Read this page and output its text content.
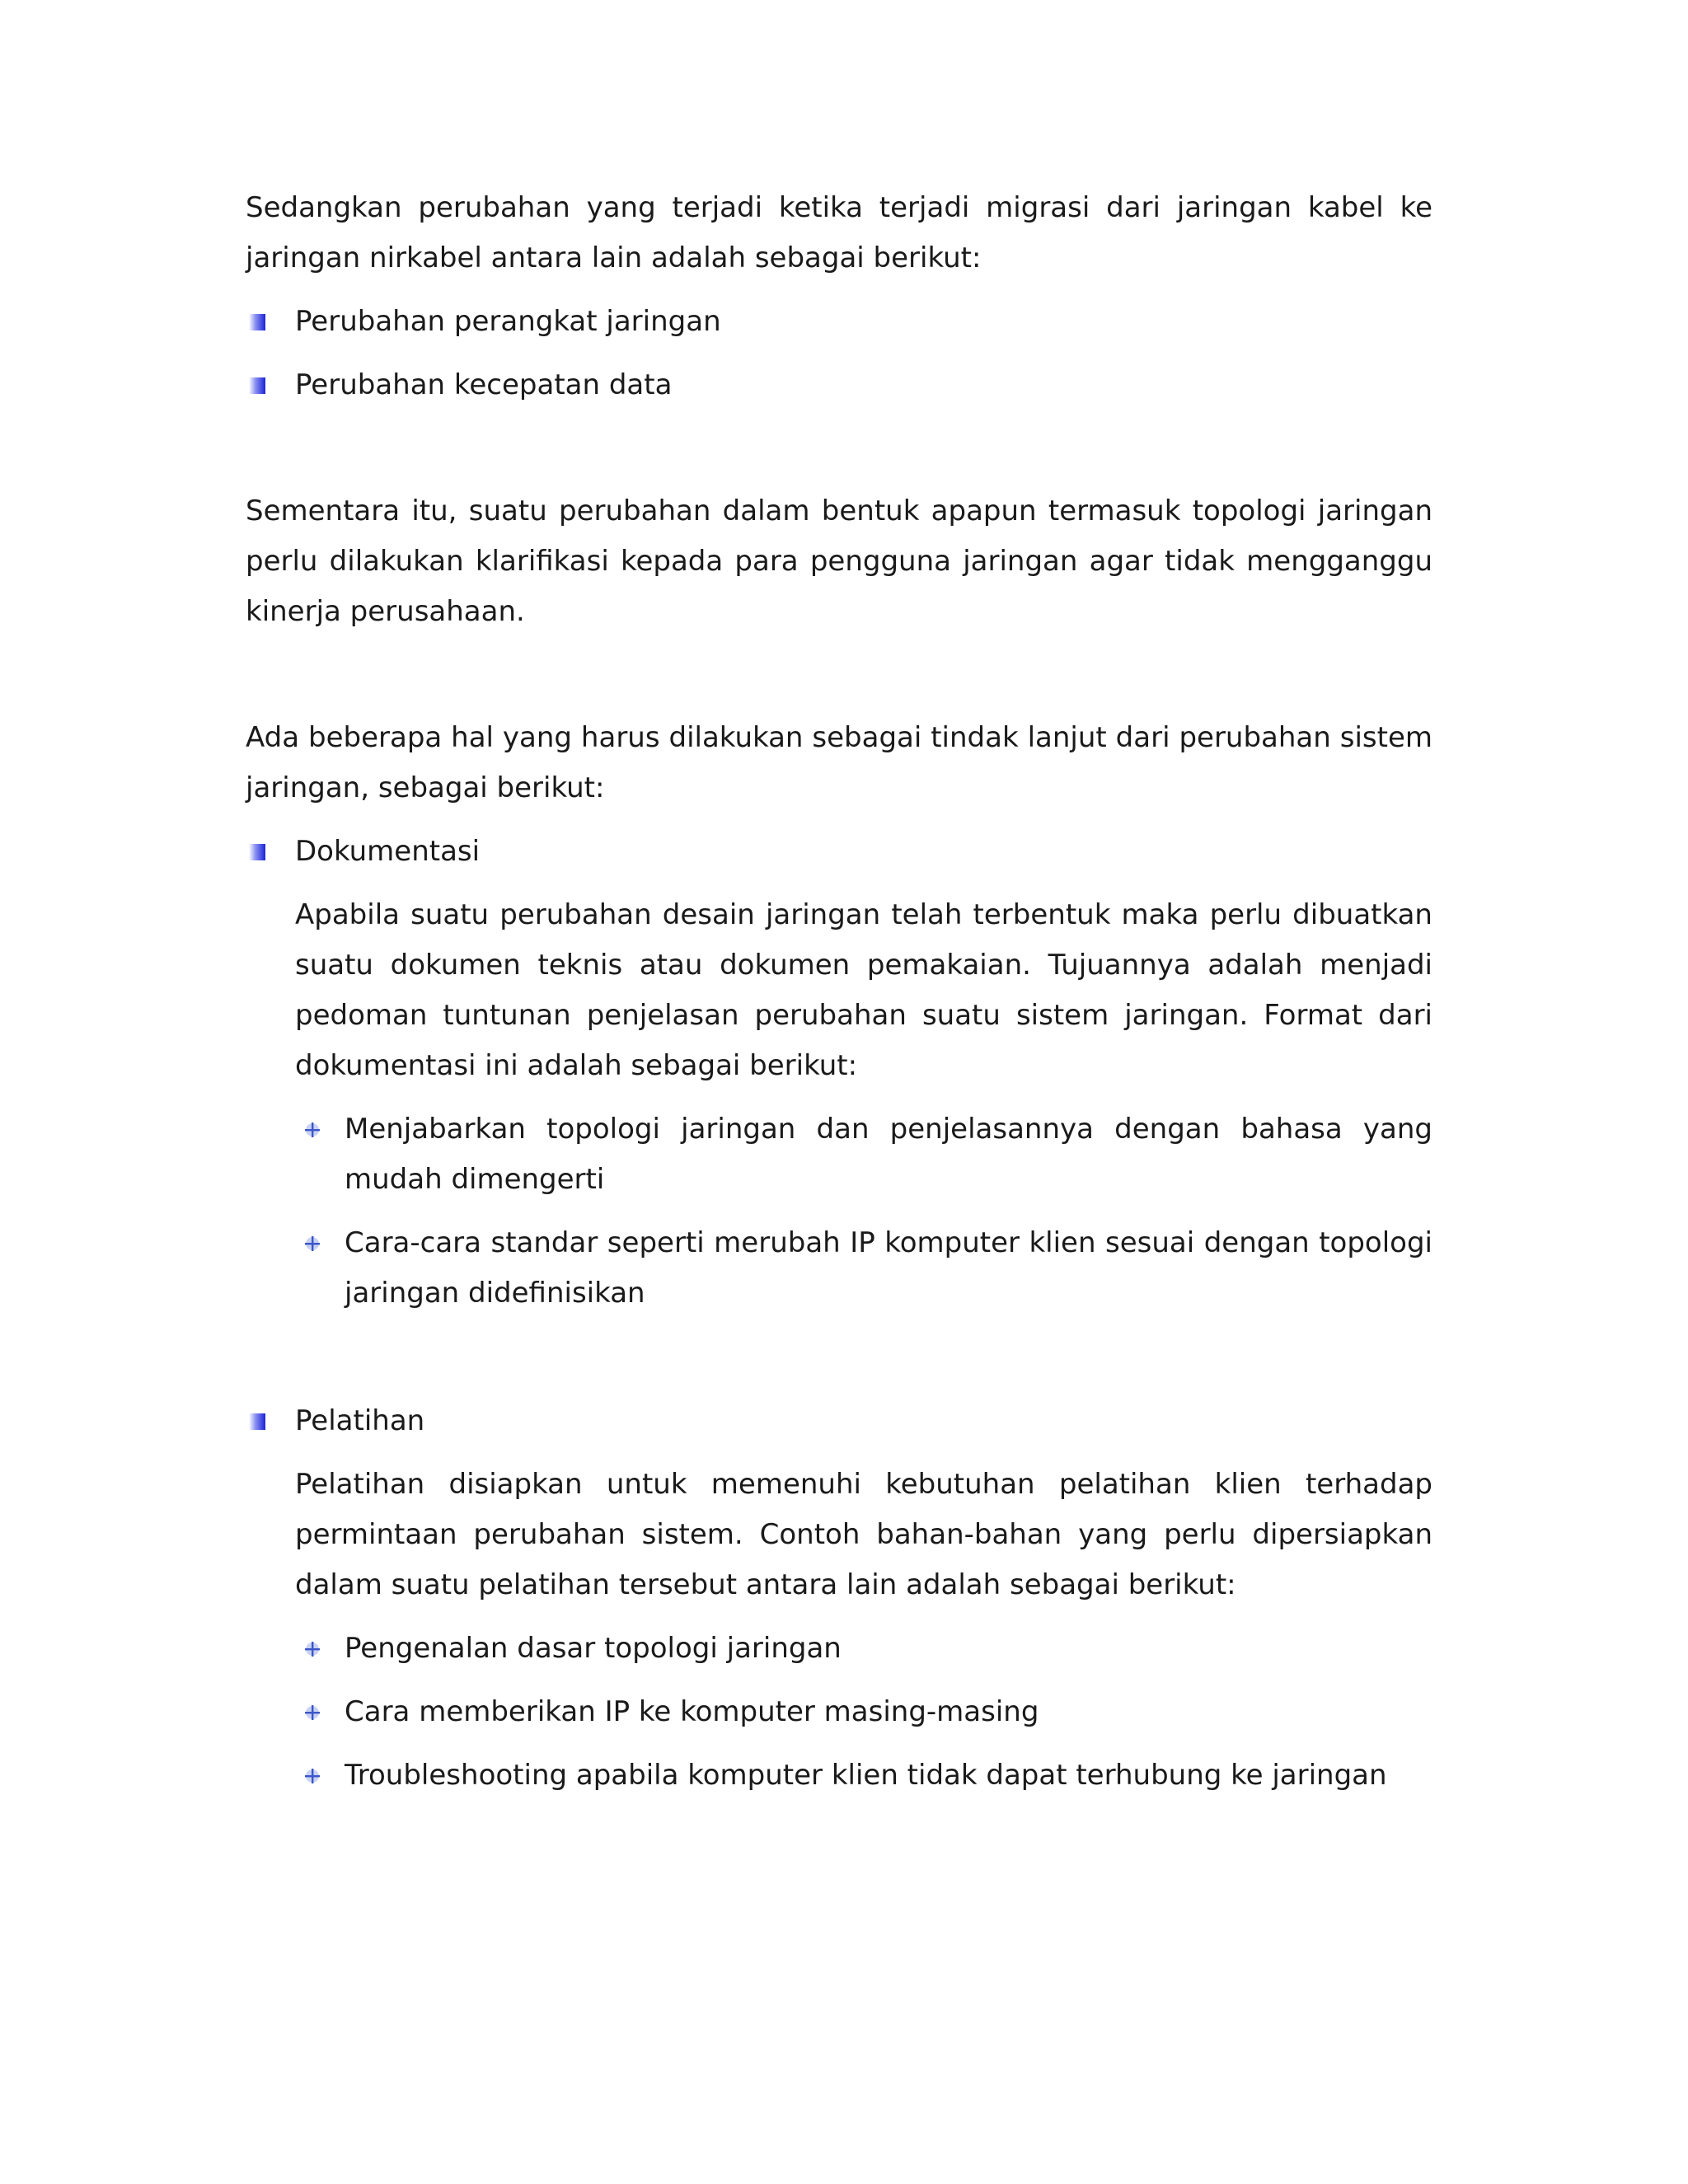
Sedangkan perubahan yang terjadi ketika terjadi migrasi dari jaringan kabel ke jaringan nirkabel antara lain adalah sebagai berikut:

Perubahan perangkat jaringan
Perubahan kecepatan data

Sementara itu, suatu perubahan dalam bentuk apapun termasuk topologi jaringan perlu dilakukan klarifikasi kepada para pengguna jaringan agar tidak mengganggu kinerja perusahaan.

Ada beberapa hal yang harus dilakukan sebagai tindak lanjut dari perubahan sistem jaringan, sebagai berikut:

Dokumentasi

Apabila suatu perubahan desain jaringan telah terbentuk maka perlu dibuatkan suatu dokumen teknis atau dokumen pemakaian. Tujuannya adalah menjadi pedoman tuntunan penjelasan perubahan suatu sistem jaringan. Format dari dokumentasi ini adalah sebagai berikut:

Menjabarkan topologi jaringan dan penjelasannya dengan bahasa yang mudah dimengerti
Cara-cara standar seperti merubah IP komputer klien sesuai dengan topologi jaringan didefinisikan
Pelatihan

Pelatihan disiapkan untuk memenuhi kebutuhan pelatihan klien terhadap permintaan perubahan sistem. Contoh bahan-bahan yang perlu dipersiapkan dalam suatu pelatihan tersebut antara lain adalah sebagai berikut:

Pengenalan dasar topologi jaringan
Cara memberikan IP ke komputer masing-masing
Troubleshooting apabila komputer klien tidak dapat terhubung ke jaringan
